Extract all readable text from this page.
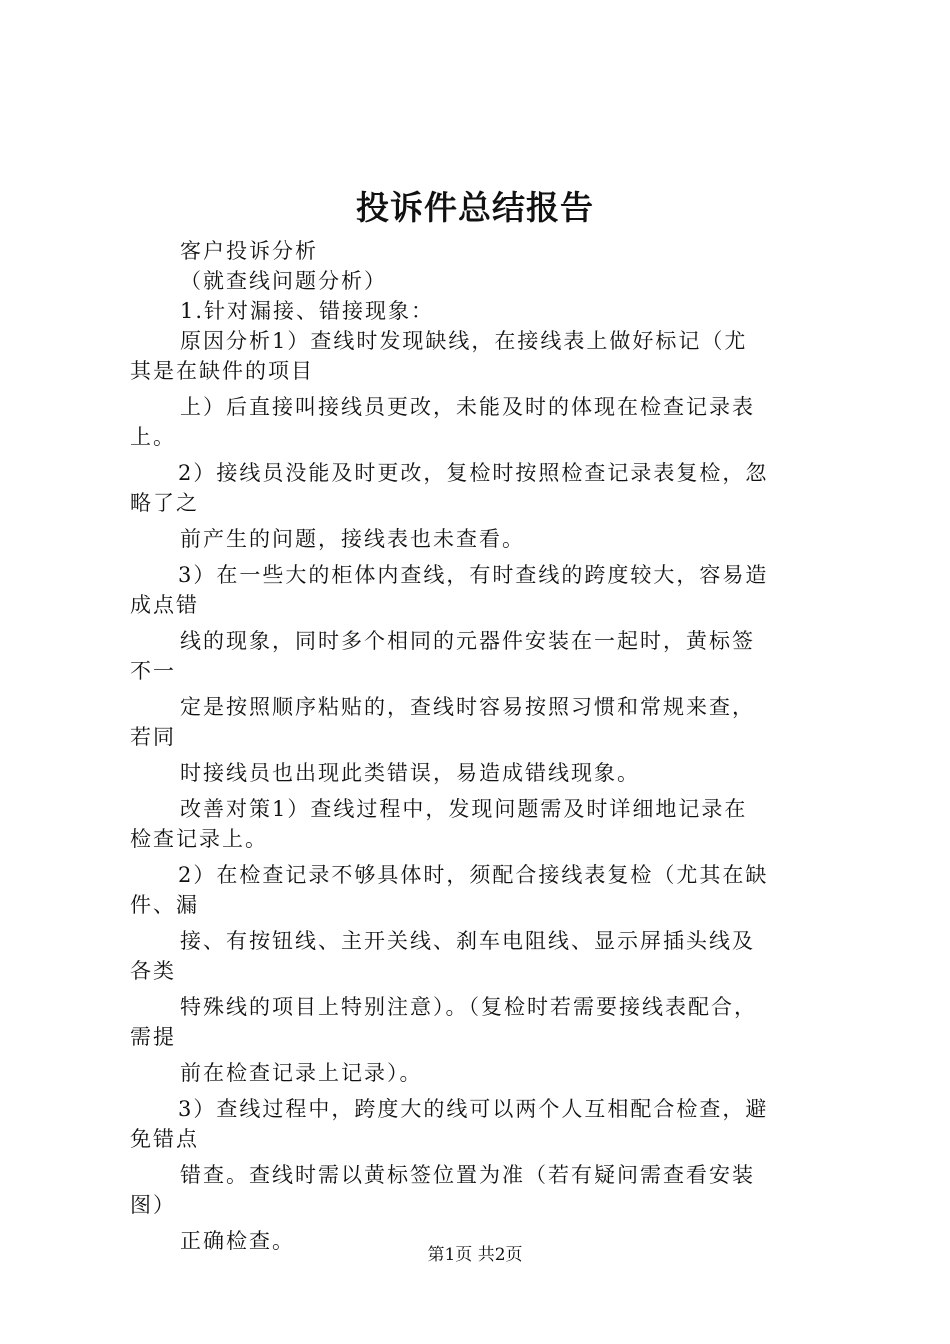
投诉件总结报告

客户投诉分析

（就查线问题分析）

1.针对漏接、错接现象：

原因分析1）查线时发现缺线，在接线表上做好标记（尤

其是在缺件的项目

上）后直接叫接线员更改，未能及时的体现在检查记录表

上。

2）接线员没能及时更改，复检时按照检查记录表复检，忽

略了之

前产生的问题，接线表也未查看。

3）在一些大的柜体内查线，有时查线的跨度较大，容易造

成点错

线的现象，同时多个相同的元器件安装在一起时，黄标签

不一

定是按照顺序粘贴的，查线时容易按照习惯和常规来查，

若同

时接线员也出现此类错误，易造成错线现象。

改善对策1）查线过程中，发现问题需及时详细地记录在

检查记录上。

2）在检查记录不够具体时，须配合接线表复检（尤其在缺

件、漏

接、有按钮线、主开关线、刹车电阻线、显示屏插头线及

各类

特殊线的项目上特别注意）。（复检时若需要接线表配合，

需提

前在检查记录上记录）。

3）查线过程中，跨度大的线可以两个人互相配合检查，避

免错点

错查。查线时需以黄标签位置为准（若有疑问需查看安装

图）

正确检查。

第1页 共2页
